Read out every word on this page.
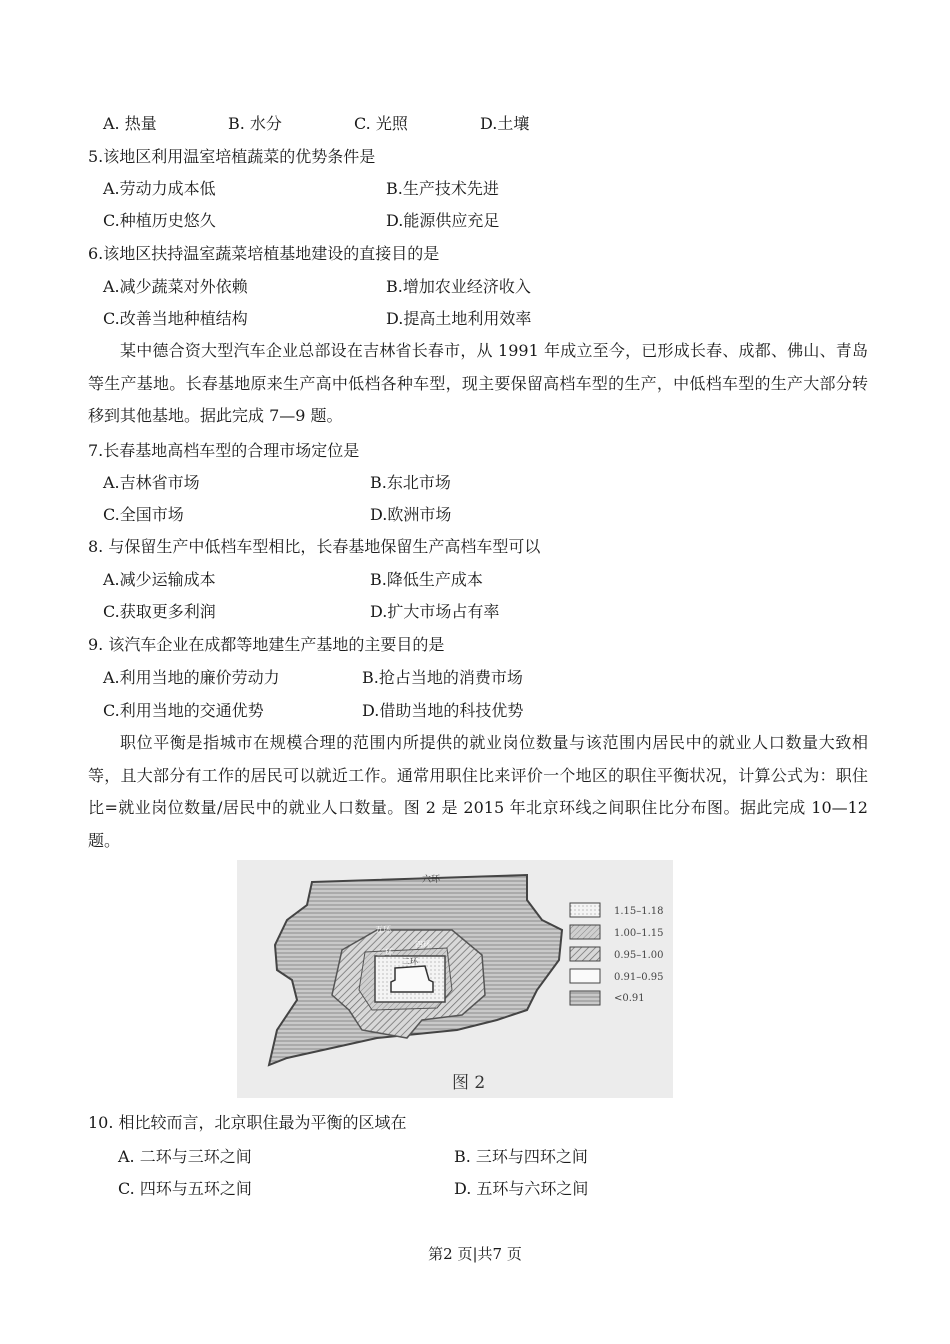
A. 热量	B. 水分	C. 光照	D.土壤
5.该地区利用温室培植蔬菜的优势条件是
A.劳动力成本低	B.生产技术先进
C.种植历史悠久	D.能源供应充足
6.该地区扶持温室蔬菜培植基地建设的直接目的是
A.减少蔬菜对外依赖	B.增加农业经济收入
C.改善当地种植结构	D.提高土地利用效率
某中德合资大型汽车企业总部设在吉林省长春市，从 1991 年成立至今，已形成长春、成都、佛山、青岛等生产基地。长春基地原来生产高中低档各种车型，现主要保留高档车型的生产，中低档车型的生产大部分转移到其他基地。据此完成 7—9 题。
7.长春基地高档车型的合理市场定位是
A.吉林省市场	B.东北市场
C.全国市场	D.欧洲市场
8. 与保留生产中低档车型相比，长春基地保留生产高档车型可以
A.减少运输成本	B.降低生产成本
C.获取更多利润	D.扩大市场占有率
9. 该汽车企业在成都等地建生产基地的主要目的是
A.利用当地的廉价劳动力	B.抢占当地的消费市场
C.利用当地的交通优势	D.借助当地的科技优势
职位平衡是指城市在规模合理的范围内所提供的就业岗位数量与该范围内居民中的就业人口数量大致相等，且大部分有工作的居民可以就近工作。通常用职住比来评价一个地区的职住平衡状况，计算公式为：职住比=就业岗位数量/居民中的就业人口数量。图 2 是 2015 年北京环线之间职住比分布图。据此完成 10—12 题。
六环
五环
四环
三环
二环
1.15–1.18
1.00–1.15
0.95–1.00
0.91–0.95
<0.91
图 2
10. 相比较而言，北京职住最为平衡的区域在
A. 二环与三环之间	B. 三环与四环之间
C. 四环与五环之间	D. 五环与六环之间
第2 页|共7 页
